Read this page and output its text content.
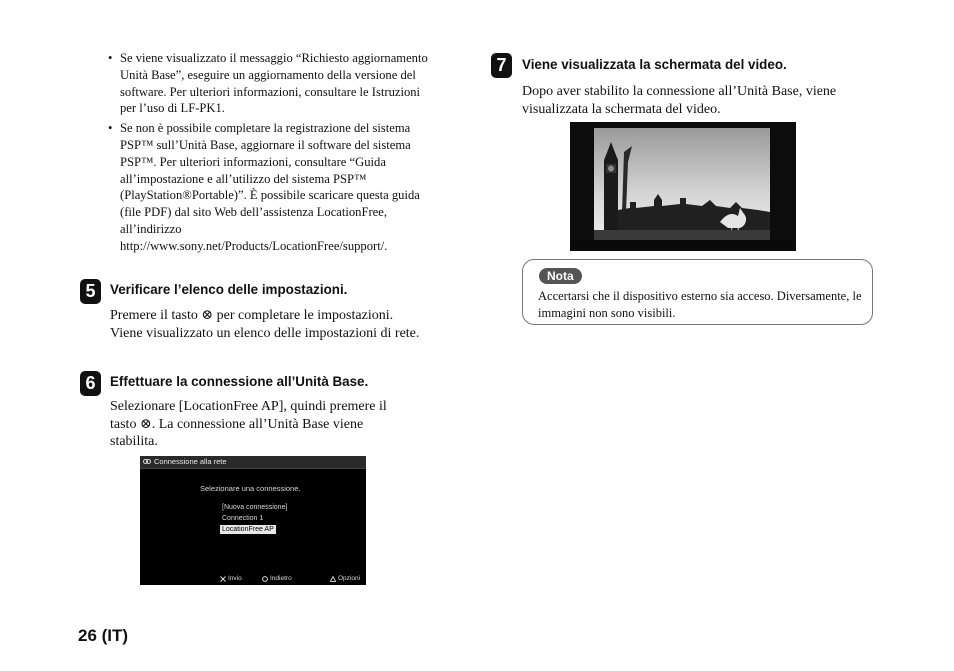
• Se viene visualizzato il messaggio “Richiesto aggiornamento Unità Base”, eseguire un aggiornamento della versione del software. Per ulteriori informazioni, consultare le Istruzioni per l’uso di LF-PK1.
• Se non è possibile completare la registrazione del sistema PSP™ sull’Unità Base, aggiornare il software del sistema PSP™. Per ulteriori informazioni, consultare “Guida all’impostazione e all’utilizzo del sistema PSP™ (PlayStation®Portable)”. È possibile scaricare questa guida (file PDF) dal sito Web dell’assistenza LocationFree, all’indirizzo http://www.sony.net/Products/LocationFree/support/.
5	Verificare l’elenco delle impostazioni.
Premere il tasto ⊗ per completare le impostazioni. Viene visualizzato un elenco delle impostazioni di rete.
6	Effettuare la connessione all’Unità Base.
Selezionare [LocationFree AP], quindi premere il tasto ⊗. La connessione all’Unità Base viene stabilita.
Connessione alla rete
Selezionare una connessione.
[Nuova connessione]
Connection 1
LocationFree AP
Invio	Indietro	Opzioni
7	Viene visualizzata la schermata del video.
Dopo aver stabilito la connessione all’Unità Base, viene visualizzata la schermata del video.
Nota
Accertarsi che il dispositivo esterno sia acceso. Diversamente, le immagini non sono visibili.
26 (IT)
